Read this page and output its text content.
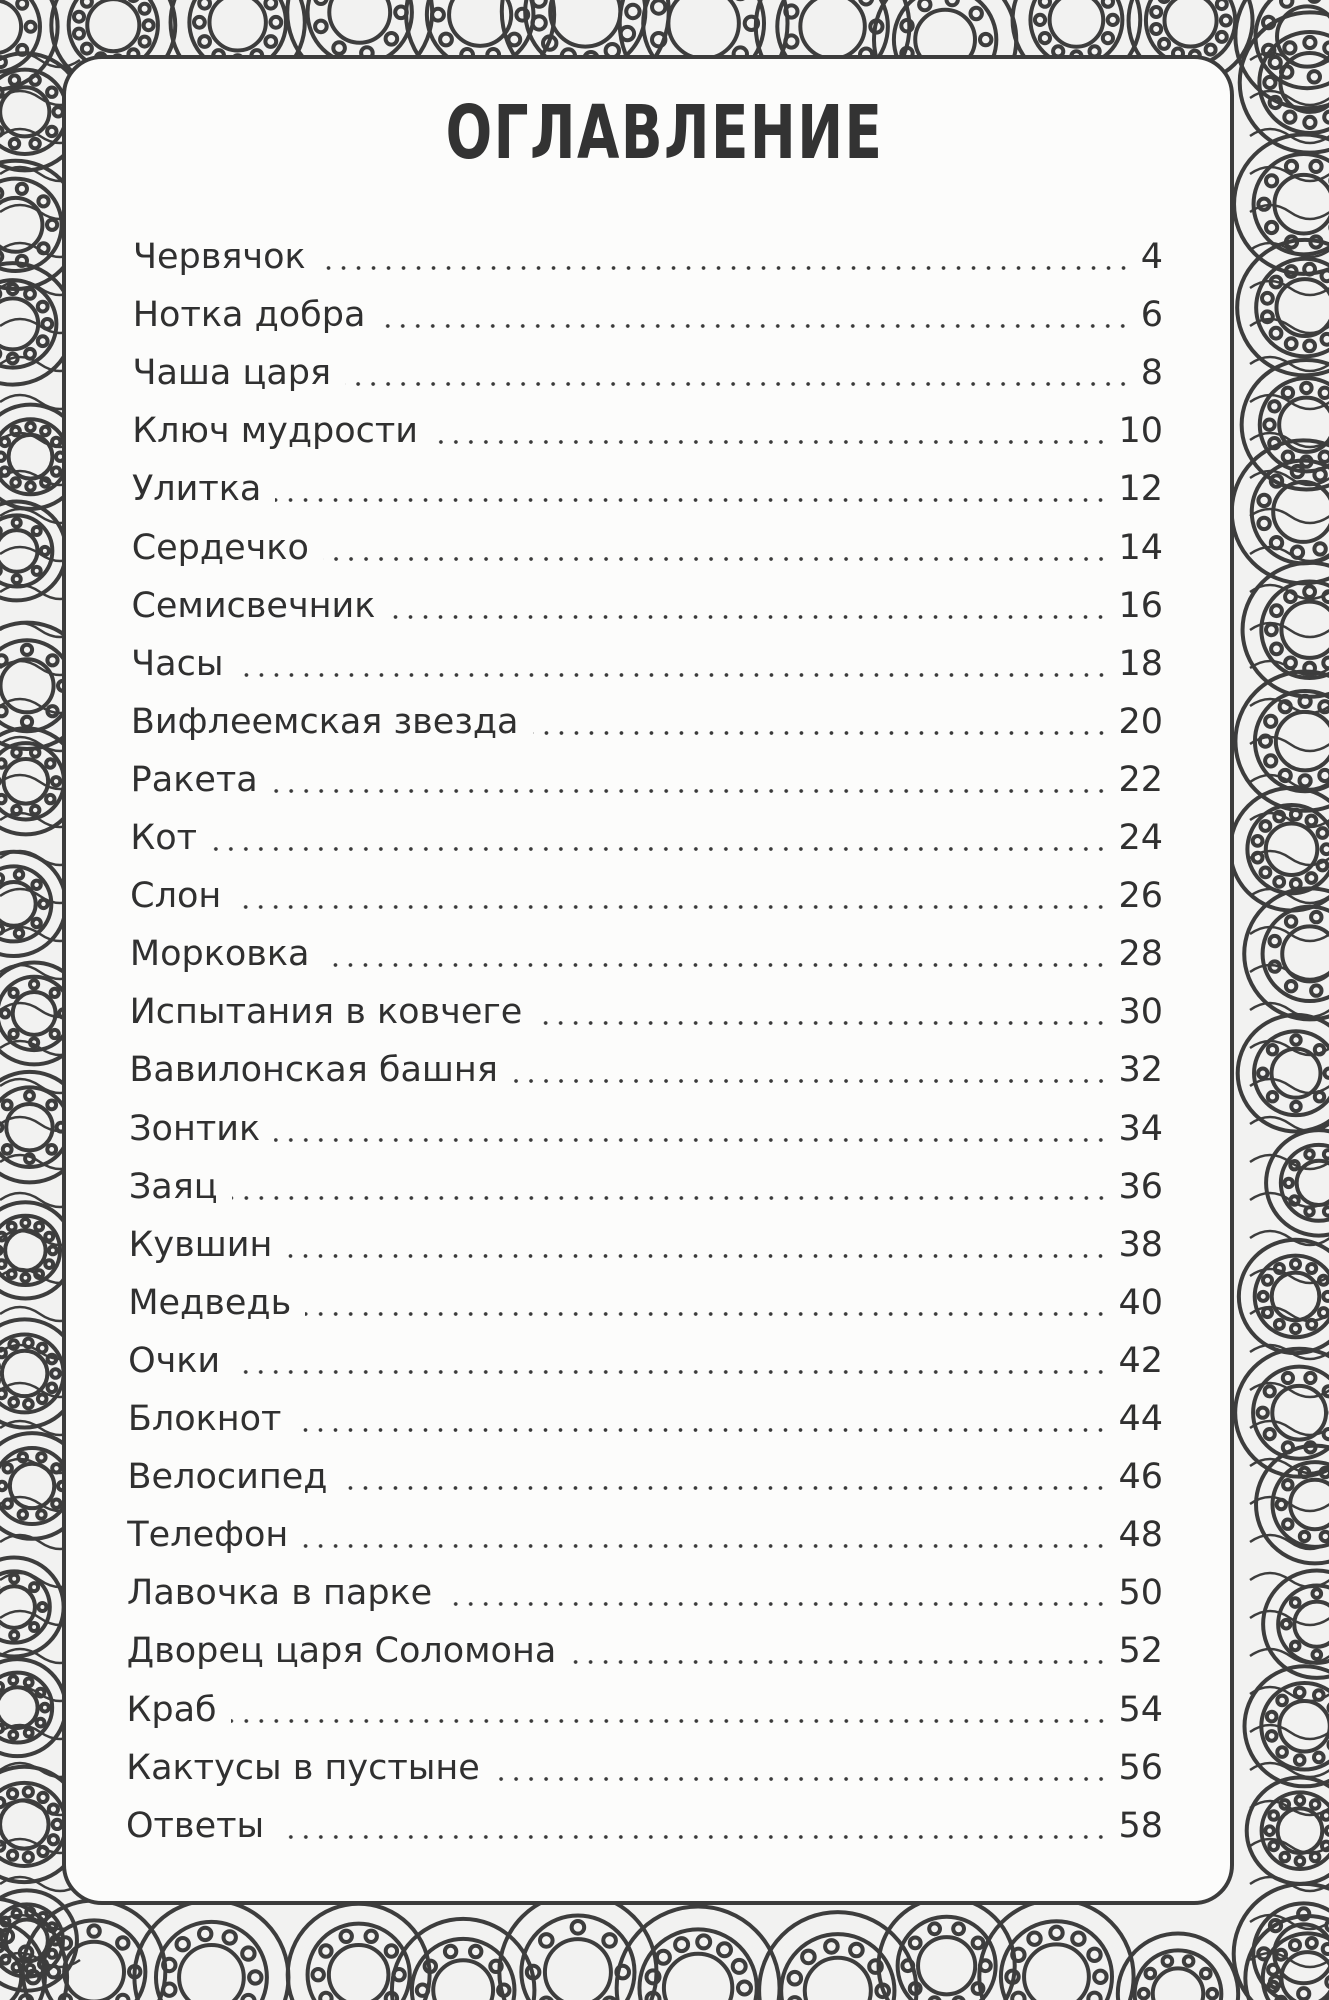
ОГЛАВЛЕНИЕ
Червячок	4
Нотка добра	6
Чаша царя	8
Ключ мудрости	10
Улитка	12
Сердечко	14
Семисвечник	16
Часы	18
Вифлеемская звезда	20
Ракета	22
Кот	24
Слон	26
Морковка	28
Испытания в ковчеге	30
Вавилонская башня	32
Зонтик	34
Заяц	36
Кувшин	38
Медведь	40
Очки	42
Блокнот	44
Велосипед	46
Телефон	48
Лавочка в парке	50
Дворец царя Соломона	52
Краб	54
Кактусы в пустыне	56
Ответы	58
